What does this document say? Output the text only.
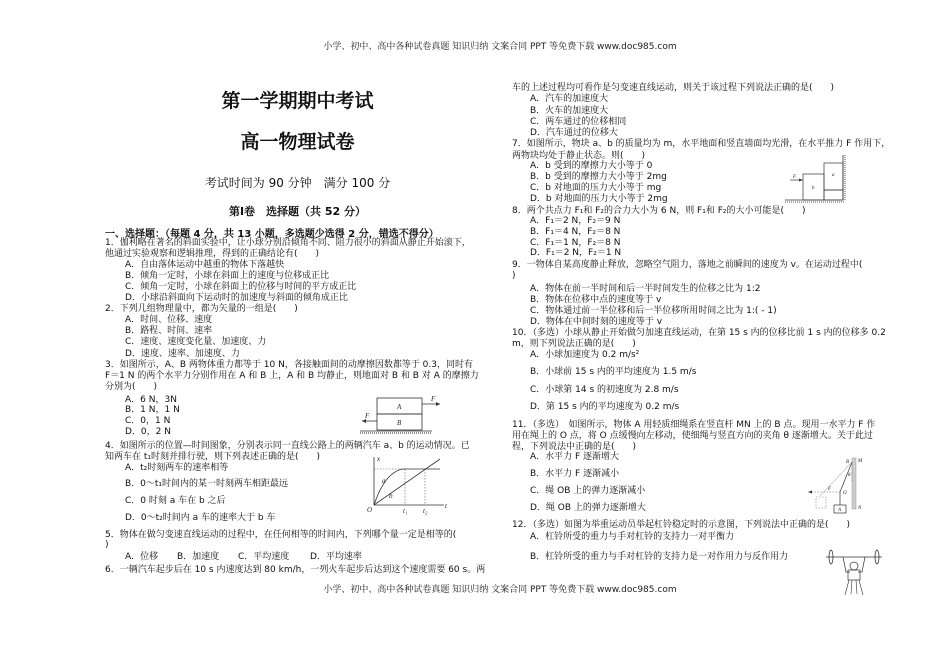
小学、初中、高中各种试卷真题 知识归纳 文案合同 PPT 等免费下载 www.doc985.com
第一学期期中考试
高一物理试卷
考试时间为 90 分钟　满分 100 分
第Ⅰ卷　选择题（共 52 分）
一、选择题：（每题 4 分，共 13 小题，多选题少选得 2 分，错选不得分）
小学、初中、高中各种试卷真题 知识归纳 文案合同 PPT 等免费下载 www.doc985.com
1．伽利略在著名的斜面实验中，让小球分别沿倾角不同、阻力很小的斜面从静止开始滚下，
他通过实验观察和逻辑推理，得到的正确结论有(　　)
A．自由落体运动中越重的物体下落越快
B．倾角一定时，小球在斜面上的速度与位移成正比
C．倾角一定时，小球在斜面上的位移与时间的平方成正比
D．小球沿斜面向下运动时的加速度与斜面的倾角成正比
2．下列几组物理量中，都为矢量的一组是(　　)
A．时间、位移、速度
B．路程、时间、速率
C．速度、速度变化量、加速度、力
D．速度、速率、加速度、力
3．如图所示，A、B 两物体重力都等于 10 N，各接触面间的动摩擦因数都等于 0.3，同时有
F＝1 N 的两个水平力分别作用在 A 和 B 上，A 和 B 均静止，则地面对 B 和 B 对 A 的摩擦力
分别为(　　)
A．6 N，3N
B．1 N，1 N
C．0，1 N
D．0，2 N
4．如图所示的位置—时间图象，分别表示同一直线公路上的两辆汽车 a、b 的运动情况。已
知两车在 t₁时刻并排行驶，则下列表述正确的是(　　)
A．t₂时刻两车的速率相等
B．0～t₁时间内的某一时刻两车相距最远
C．0 时刻 a 车在 b 之后
D．0～t₂时间内 a 车的速率大于 b 车
5．物体在做匀变速直线运动的过程中，在任何相等的时间内，下列哪个量一定是相等的(
)
A．位移 B．加速度 C．平均速度 D．平均速率
6．一辆汽车起步后在 10 s 内速度达到 80 km/h，一列火车起步后达到这个速度需要 60 s。两
车的上述过程均可看作是匀变速直线运动，则关于该过程下列说法正确的是(　　)
A．汽车的加速度大
B．火车的加速度大
C．两车通过的位移相同
D．汽车通过的位移大
7．如图所示，物块 a、b 的质量均为 m，水平地面和竖直墙面均光滑，在水平推力 F 作用下，
两物块均处于静止状态。则(　　)
A．b 受到的摩擦力大小等于 0
B．b 受到的摩擦力大小等于 2mg
C．b 对地面的压力大小等于 mg
D．b 对地面的压力大小等于 2mg
8．两个共点力 F₁和 F₂的合力大小为 6 N，则 F₁和 F₂的大小可能是(　　)
A．F₁＝2 N，F₂＝9 N
B．F₁＝4 N，F₂＝8 N
C．F₁＝1 N，F₂＝8 N
D．F₁＝2 N，F₂＝1 N
9．一物体自某高度静止释放，忽略空气阻力，落地之前瞬间的速度为 v。在运动过程中(
)
A．物体在前一半时间和后一半时间发生的位移之比为 1:2
B．物体在位移中点的速度等于 v
C．物体通过前一半位移和后一半位移所用时间之比为 1:( - 1)
D．物体在中间时刻的速度等于 v
10．（多选）小球从静止开始做匀加速直线运动，在第 15 s 内的位移比前 1 s 内的位移多 0.2
m，则下列说法正确的是(　　)
A．小球加速度为 0.2 m/s²
B．小球前 15 s 内的平均速度为 1.5 m/s
C．小球第 14 s 的初速度为 2.8 m/s
D．第 15 s 内的平均速度为 0.2 m/s
11．（多选）　如图所示，物体 A 用轻质细绳系在竖直杆 MN 上的 B 点。现用一水平力 F 作
用在绳上的 O 点，将 O 点缓慢向左移动，使细绳与竖直方向的夹角 θ 逐渐增大。关于此过
程，下列说法中正确的是(　　)
A．水平力 F 逐渐增大
B．水平力 F 逐渐减小
C．绳 OB 上的弹力逐渐减小
D．绳 OB 上的弹力逐渐增大
12．（多选）如图为举重运动员举起杠铃稳定时的示意图，下列说法中正确的是(　　)
A．杠铃所受的重力与手对杠铃的支持力一对平衡力
B．杠铃所受的重力与手对杠铃的支持力是一对作用力与反作用力
A
B
F
F
x
a
b
O	t₁ t₂
t
F
b
a
M
B
θ
F
O
A	N
